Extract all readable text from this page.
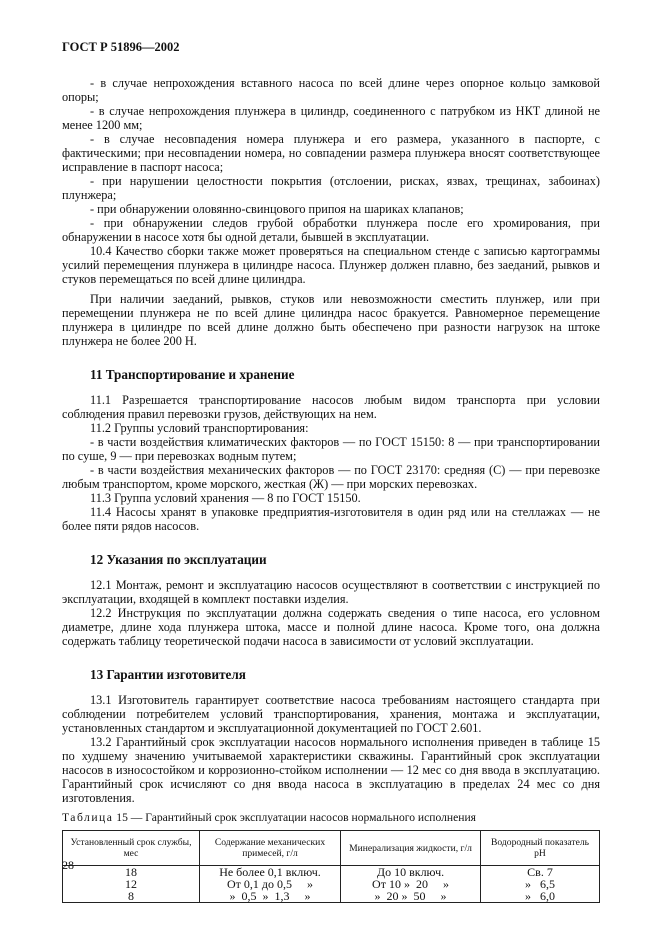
ГОСТ Р 51896—2002

- в случае непрохождения вставного насоса по всей длине через опорное кольцо замковой опоры;

- в случае непрохождения плунжера в цилиндр, соединенного с патрубком из НКТ длиной не менее 1200 мм;

- в случае несовпадения номера плунжера и его размера, указанного в паспорте, с фактическими; при несовпадении номера, но совпадении размера плунжера вносят соответствующее исправление в паспорт насоса;

- при нарушении целостности покрытия (отслоении, рисках, язвах, трещинах, забоинах) плунжера;

- при обнаружении оловянно-свинцового припоя на шариках клапанов;

- при обнаружении следов грубой обработки плунжера после его хромирования, при обнаружении в насосе хотя бы одной детали, бывшей в эксплуатации.

10.4 Качество сборки также может проверяться на специальном стенде с записью картограммы усилий перемещения плунжера в цилиндре насоса. Плунжер должен плавно, без заеданий, рывков и стуков перемещаться по всей длине цилиндра.

При наличии заеданий, рывков, стуков или невозможности сместить плунжер, или при перемещении плунжера не по всей длине цилиндра насос бракуется. Равномерное перемещение плунжера в цилиндре по всей длине должно быть обеспечено при разности нагрузок на штоке плунжера не более 200 Н.

11 Транспортирование и хранение

11.1 Разрешается транспортирование насосов любым видом транспорта при условии соблюдения правил перевозки грузов, действующих на нем.

11.2 Группы условий транспортирования:

- в части воздействия климатических факторов — по ГОСТ 15150: 8 — при транспортировании по суше, 9 — при перевозках водным путем;

- в части воздействия механических факторов — по ГОСТ 23170: средняя (С) — при перевозке любым транспортом, кроме морского, жесткая (Ж) — при морских перевозках.

11.3 Группа условий хранения — 8 по ГОСТ 15150.

11.4 Насосы хранят в упаковке предприятия-изготовителя в один ряд или на стеллажах — не более пяти рядов насосов.

12 Указания по эксплуатации

12.1 Монтаж, ремонт и эксплуатацию насосов осуществляют в соответствии с инструкцией по эксплуатации, входящей в комплект поставки изделия.

12.2 Инструкция по эксплуатации должна содержать сведения о типе насоса, его условном диаметре, длине хода плунжера штока, массе и полной длине насоса. Кроме того, она должна содержать таблицу теоретической подачи насоса в зависимости от условий эксплуатации.

13 Гарантии изготовителя

13.1 Изготовитель гарантирует соответствие насоса требованиям настоящего стандарта при соблюдении потребителем условий транспортирования, хранения, монтажа и эксплуатации, установленных стандартом и эксплуатационной документацией по ГОСТ 2.601.

13.2 Гарантийный срок эксплуатации насосов нормального исполнения приведен в таблице 15 по худшему значению учитываемой характеристики скважины. Гарантийный срок эксплуатации насосов в износостойком и коррозионно-стойком исполнении — 12 мес со дня ввода в эксплуатацию. Гарантийный срок исчисляют со дня ввода насоса в эксплуатацию в пределах 24 мес со дня изготовления.

Таблица 15 — Гарантийный срок эксплуатации насосов нормального исполнения
Установленный срок службы, мес	Содержание механических примесей, г/л	Минерализация жидкости, г/л	Водородный показатель рН
18	Не более 0,1 включ.	До 10 включ.	Св. 7

12	От 0,1 до 0,5     »	От 10 »  20     »	»   6,5

8	»  0,5  »  1,3     »	»  20 »  50     »	»   6,0
28
